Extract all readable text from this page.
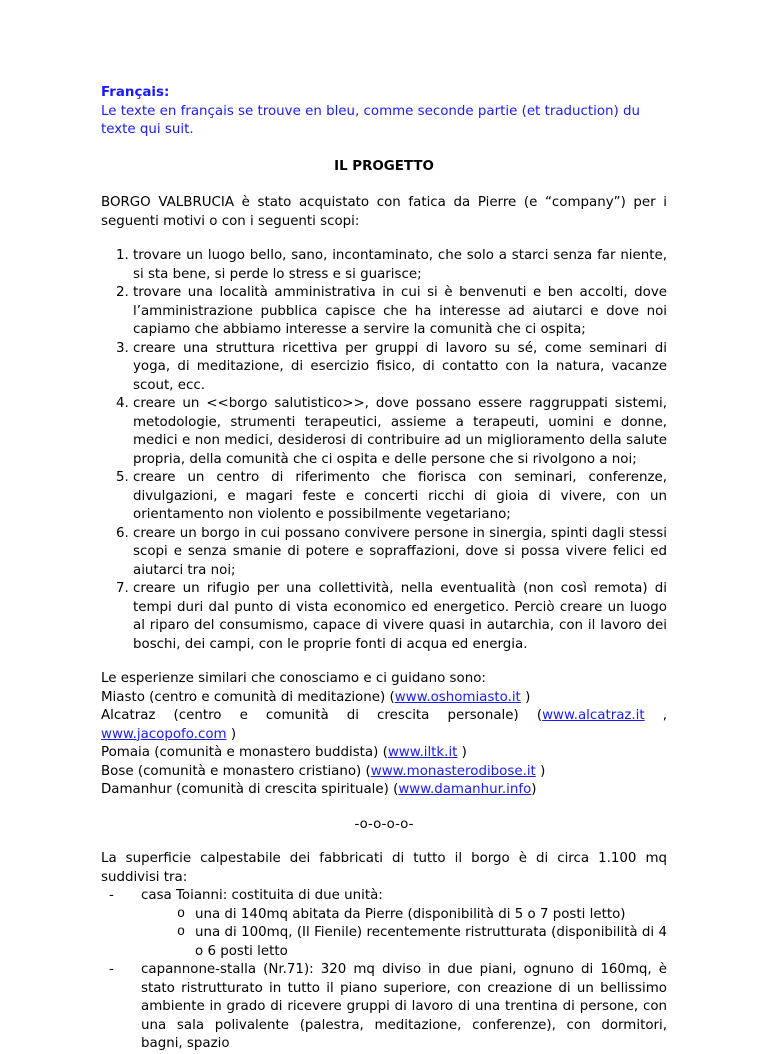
Français:

Le texte en français se trouve en bleu, comme seconde partie (et traduction) du texte qui suit.

IL PROGETTO

BORGO VALBRUCIA è stato acquistato con fatica da Pierre (e “company”) per i seguenti motivi o con i seguenti scopi:

1. trovare un luogo bello, sano, incontaminato, che solo a starci senza far niente, si sta bene, si perde lo stress e si guarisce;
2. trovare una località amministrativa in cui si è benvenuti e ben accolti, dove l’amministrazione pubblica capisce che ha interesse ad aiutarci e dove noi capiamo che abbiamo interesse a servire la comunità che ci ospita;
3. creare una struttura ricettiva per gruppi di lavoro su sé, come seminari di yoga, di meditazione, di esercizio fisico, di contatto con la natura, vacanze scout, ecc.
4. creare un <<borgo salutistico>>, dove possano essere raggruppati sistemi, metodologie, strumenti terapeutici, assieme a terapeuti, uomini e donne, medici e non medici, desiderosi di contribuire ad un miglioramento della salute propria, della comunità che ci ospita e delle persone che si rivolgono a noi;
5. creare un centro di riferimento che fiorisca con seminari, conferenze, divulgazioni, e magari feste e concerti ricchi di gioia di vivere, con un orientamento non violento e possibilmente vegetariano;
6. creare un borgo in cui possano convivere persone in sinergia, spinti dagli stessi scopi e senza smanie di potere e sopraffazioni, dove si possa vivere felici ed aiutarci tra noi;
7. creare un rifugio per una collettività, nella eventualità (non così remota) di tempi duri dal punto di vista economico ed energetico. Perciò creare un luogo al riparo del consumismo, capace di vivere quasi in autarchia, con il lavoro dei boschi, dei campi, con le proprie fonti di acqua ed energia.

Le esperienze similari che conosciamo e ci guidano sono:

Miasto (centro e comunità di meditazione) (www.oshomiasto.it )

Alcatraz (centro e comunità di crescita personale) (www.alcatraz.it ,

www.jacopofo.com )

Pomaia (comunità e monastero buddista) (www.iltk.it )

Bose (comunità e monastero cristiano) (www.monasterodibose.it )

Damanhur (comunità di crescita spirituale) (www.damanhur.info)

-o-o-o-o-

La superficie calpestabile dei fabbricati di tutto il borgo è di circa 1.100 mq suddivisi tra:

- casa Toianni: costituita di due unità:
o una di 140mq abitata da Pierre (disponibilità di 5 o 7 posti letto)
o una di 100mq, (Il Fienile) recentemente ristrutturata (disponibilità di 4 o 6 posti letto
- capannone-stalla (Nr.71): 320 mq diviso in due piani, ognuno di 160mq, è stato ristrutturato in tutto il piano superiore, con creazione di un bellissimo ambiente in grado di ricevere gruppi di lavoro di una trentina di persone, con una sala polivalente (palestra, meditazione, conferenze), con dormitori, bagni, spazio
